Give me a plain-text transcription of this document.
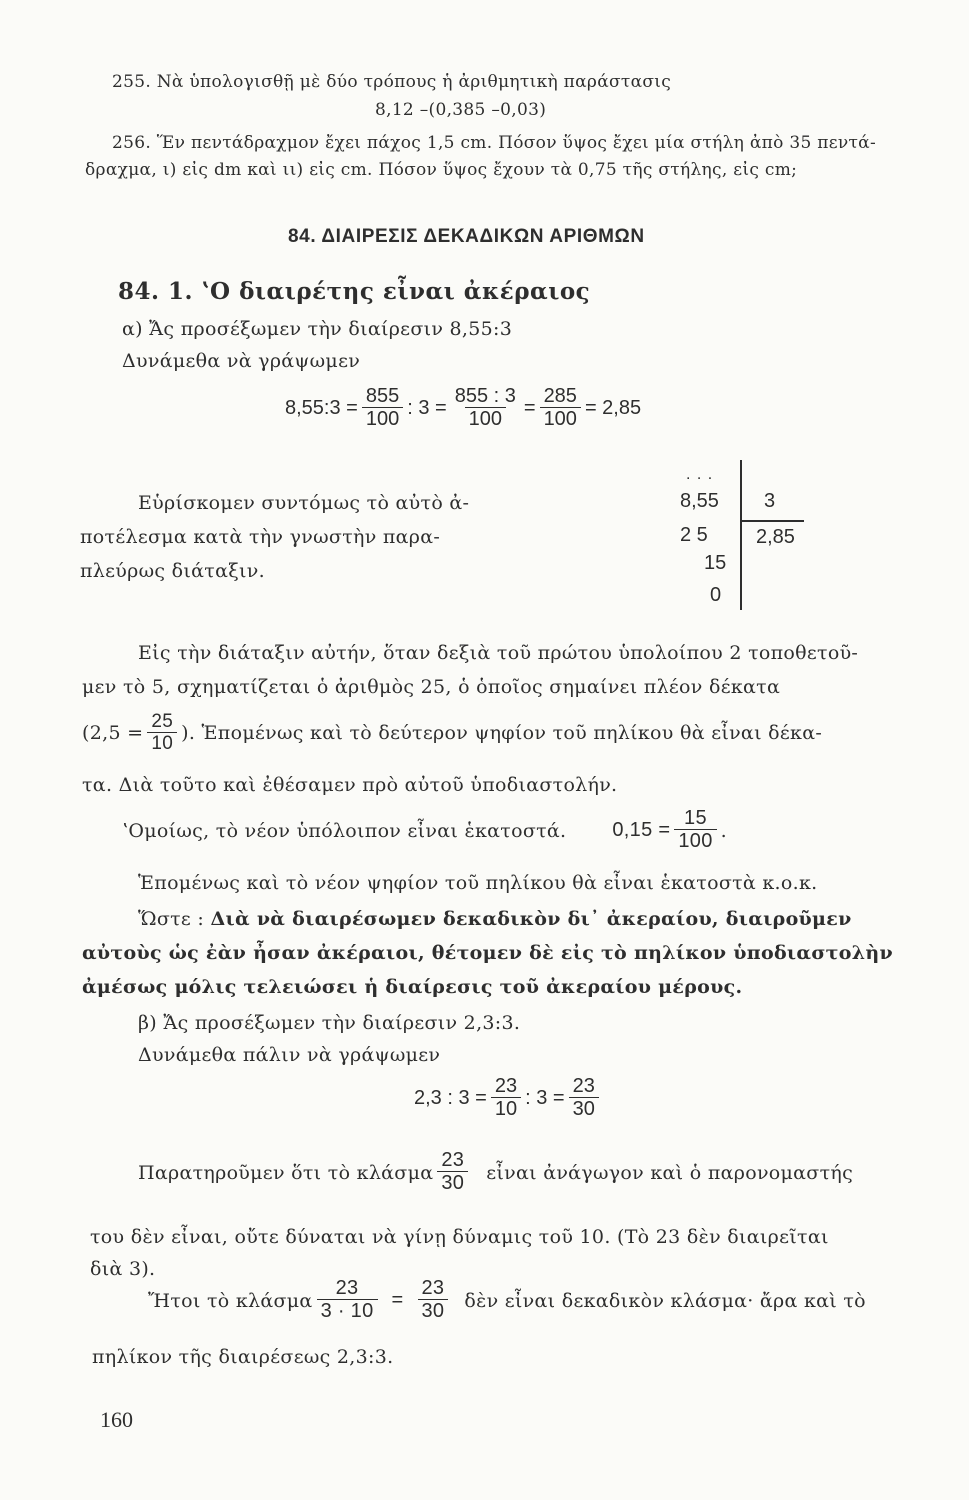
255. Νὰ ὑπολογισθῇ μὲ δύο τρόπους ἡ ἀριθμητικὴ παράστασις
8,12 –(0,385 –0,03)
256. Ἕν πεντάδραχμον ἔχει πάχος 1,5 cm. Πόσον ὕψος ἔχει μία στήλη ἀπὸ 35 πεντά-
δραχμα, ι) εἰς dm καὶ ιι) εἰς cm. Πόσον ὕψος ἔχουν τὰ 0,75 τῆς στήλης, εἰς cm;
84. ΔΙΑΙΡΕΣΙΣ ΔΕΚΑΔΙΚΩΝ ΑΡΙΘΜΩΝ
84. 1. ʽΟ διαιρέτης εἶναι ἀκέραιος
α) Ἄς προσέξωμεν τὴν διαίρεσιν 8,55:3
Δυνάμεθα νὰ γράψωμεν
8,55:3 = $\frac{855}{100}$ : $3 = \frac{855 : 3}{100} = \frac{285}{100} = 2,85$
Εὑρίσκομεν συντόμως τὸ αὐτὸ ἀ-
ποτέλεσμα κατὰ τὴν γνωστὴν παρα-
πλεύρως διάταξιν.
. . .
8,55 3
2 5 2,85
15
0
Εἰς τὴν διάταξιν αὐτήν, ὅταν δεξιὰ τοῦ πρώτου ὑπολοίπου 2 τοποθετοῦ-
μεν τὸ 5, σχηματίζεται ὁ ἀριθμὸς 25, ὁ ὁποῖος σημαίνει πλέον δέκατα
($2,5 = \frac{25}{10}$ ). Ἑπομένως καὶ τὸ δεύτερον ψηφίον τοῦ πηλίκου θὰ εἶναι δέκα-
τα. Διὰ τοῦτο καὶ ἐθέσαμεν πρὸ αὐτοῦ ὑποδιαστολήν.
ʽΟμοίως, τὸ νέον ὑπόλοιπον εἶναι ἑκατοστά. $0,15 = \frac{15}{100}$ .
Ἑπομένως καὶ τὸ νέον ψηφίον τοῦ πηλίκου θὰ εἶναι ἑκατοστὰ κ.ο.κ.
Ὥστε : Διὰ νὰ διαιρέσωμεν δεκαδικὸν δι᾽ ἀκεραίου, διαιροῦμεν
αὐτοὺς ὡς ἐὰν ἦσαν ἀκέραιοι, θέτομεν δὲ εἰς τὸ πηλίκον ὑποδιαστολὴν
ἀμέσως μόλις τελειώσει ἡ διαίρεσις τοῦ ἀκεραίου μέρους.
β) Ἄς προσέξωμεν τὴν διαίρεσιν 2,3:3.
Δυνάμεθα πάλιν νὰ γράψωμεν
2,3 : $3 = \frac{23}{10}$ : $3 = \frac{23}{30}$
Παρατηροῦμεν ὅτι τὸ κλάσμα $\frac{23}{30}$ εἶναι ἀνάγωγον καὶ ὁ παρονομαστής
του δὲν εἶναι, οὔτε δύναται νὰ γίνῃ δύναμις τοῦ 10. (Τὸ 23 δὲν διαιρεῖται
διὰ 3).
Ἤτοι τὸ κλάσμα $\frac{23}{3 \cdot 10} = \frac{23}{30}$ δὲν εἶναι δεκαδικὸν κλάσμα· ἄρα καὶ τὸ
πηλίκον τῆς διαιρέσεως 2,3:3.
160
